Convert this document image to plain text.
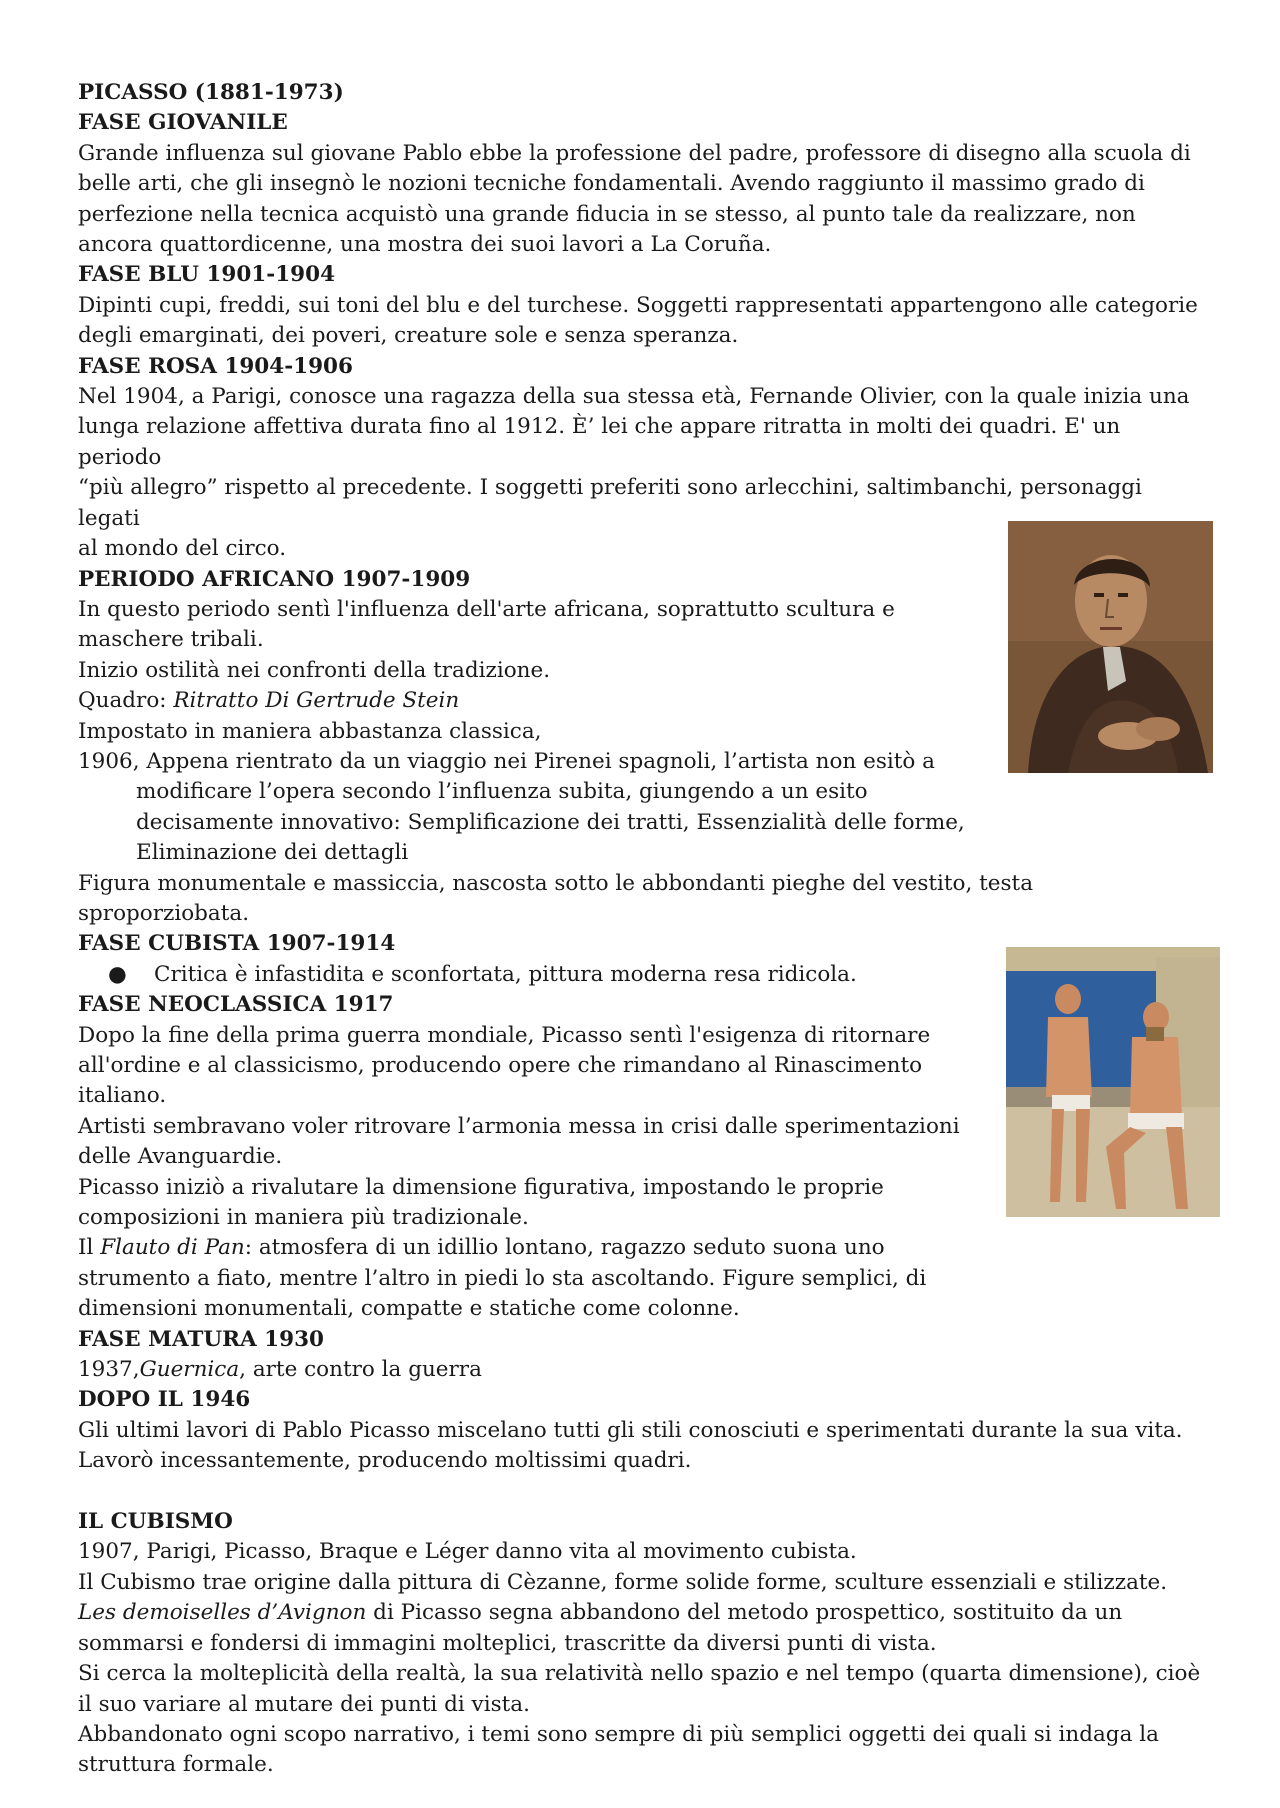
PICASSO (1881-1973)

FASE GIOVANILE

Grande influenza sul giovane Pablo ebbe la professione del padre, professore di disegno alla scuola di

belle arti, che gli insegnò le nozioni tecniche fondamentali. Avendo raggiunto il massimo grado di

perfezione nella tecnica acquistò una grande fiducia in se stesso, al punto tale da realizzare, non

ancora quattordicenne, una mostra dei suoi lavori a La Coruña.

FASE BLU 1901-1904

Dipinti cupi, freddi, sui toni del blu e del turchese. Soggetti rappresentati appartengono alle categorie

degli emarginati, dei poveri, creature sole e senza speranza.

FASE ROSA 1904-1906

Nel 1904, a Parigi, conosce una ragazza della sua stessa età, Fernande Olivier, con la quale inizia una

lunga relazione affettiva durata fino al 1912. È’ lei che appare ritratta in molti dei quadri. E' un periodo

“più allegro” rispetto al precedente. I soggetti preferiti sono arlecchini, saltimbanchi, personaggi legati

al mondo del circo.

PERIODO AFRICANO 1907-1909

In questo periodo sentì l'influenza dell'arte africana, soprattutto scultura e

maschere tribali.

Inizio ostilità nei confronti della tradizione.

Quadro: Ritratto Di Gertrude Stein

Impostato in maniera abbastanza classica,

1906, Appena rientrato da un viaggio nei Pirenei spagnoli, l’artista non esitò a

modificare l’opera secondo l’influenza subita, giungendo a un esito

decisamente innovativo: Semplificazione dei tratti, Essenzialità delle forme,

Eliminazione dei dettagli

Figura monumentale e massiccia, nascosta sotto le abbondanti pieghe del vestito, testa

sproporziobata.

FASE CUBISTA 1907-1914

● Critica è infastidita e sconfortata, pittura moderna resa ridicola.

FASE NEOCLASSICA 1917

Dopo la fine della prima guerra mondiale, Picasso sentì l'esigenza di ritornare

all'ordine e al classicismo, producendo opere che rimandano al Rinascimento

italiano.

Artisti sembravano voler ritrovare l’armonia messa in crisi dalle sperimentazioni

delle Avanguardie.

Picasso iniziò a rivalutare la dimensione figurativa, impostando le proprie

composizioni in maniera più tradizionale.

Il Flauto di Pan: atmosfera di un idillio lontano, ragazzo seduto suona uno

strumento a fiato, mentre l’altro in piedi lo sta ascoltando. Figure semplici, di

dimensioni monumentali, compatte e statiche come colonne.

FASE MATURA 1930

1937,Guernica, arte contro la guerra

DOPO IL 1946

Gli ultimi lavori di Pablo Picasso miscelano tutti gli stili conosciuti e sperimentati durante la sua vita.

Lavorò incessantemente, producendo moltissimi quadri.

IL CUBISMO

1907, Parigi, Picasso, Braque e Léger danno vita al movimento cubista.

Il Cubismo trae origine dalla pittura di Cèzanne, forme solide forme, sculture essenziali e stilizzate.

Les demoiselles d’Avignon di Picasso segna abbandono del metodo prospettico, sostituito da un

sommarsi e fondersi di immagini molteplici, trascritte da diversi punti di vista.

Si cerca la molteplicità della realtà, la sua relatività nello spazio e nel tempo (quarta dimensione), cioè

il suo variare al mutare dei punti di vista.

Abbandonato ogni scopo narrativo, i temi sono sempre di più semplici oggetti dei quali si indaga la

struttura formale.
